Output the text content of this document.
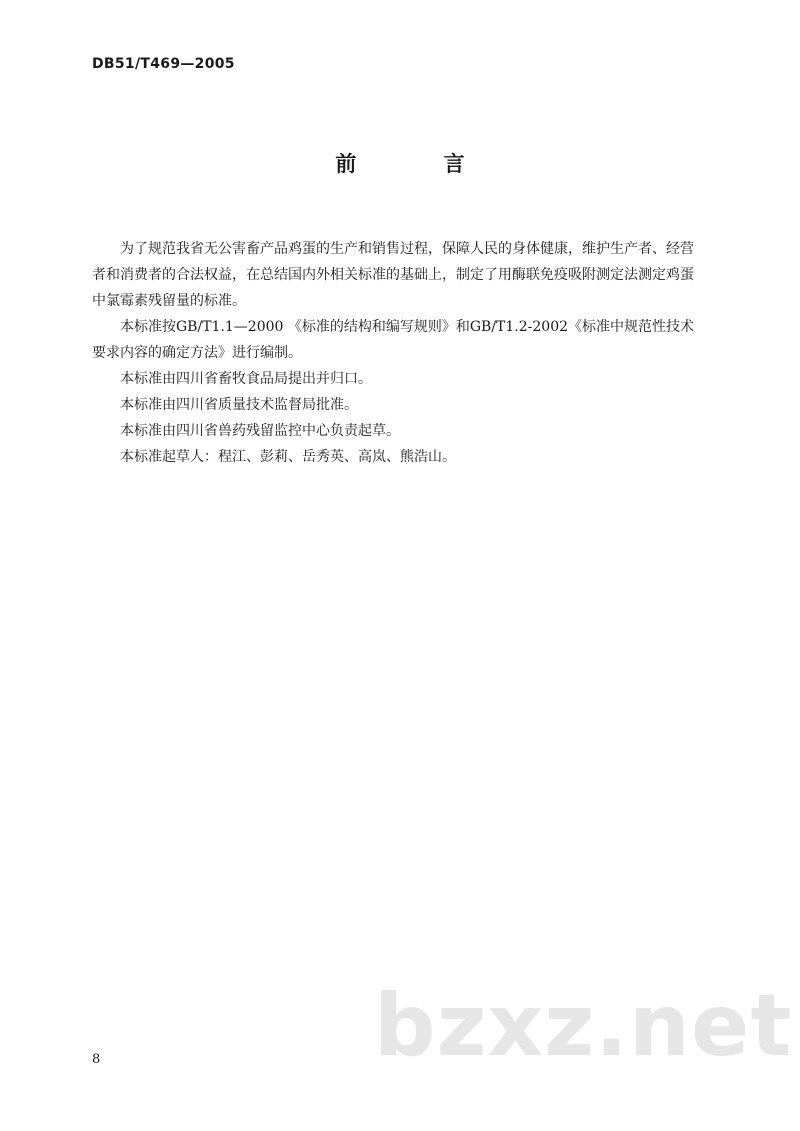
DB51/T469—2005
前 言

为了规范我省无公害畜产品鸡蛋的生产和销售过程，保障人民的身体健康，维护生产者、经营者和消费者的合法权益，在总结国内外相关标准的基础上，制定了用酶联免疫吸附测定法测定鸡蛋中氯霉素残留量的标准。

本标准按GB/T1.1—2000 《标准的结构和编写规则》和GB/T1.2-2002《标准中规范性技术要求内容的确定方法》进行编制。

本标准由四川省畜牧食品局提出并归口。

本标准由四川省质量技术监督局批准。

本标准由四川省兽药残留监控中心负责起草。

本标准起草人：程江、彭莉、岳秀英、高岚、熊浩山。

bzxz.net
8
